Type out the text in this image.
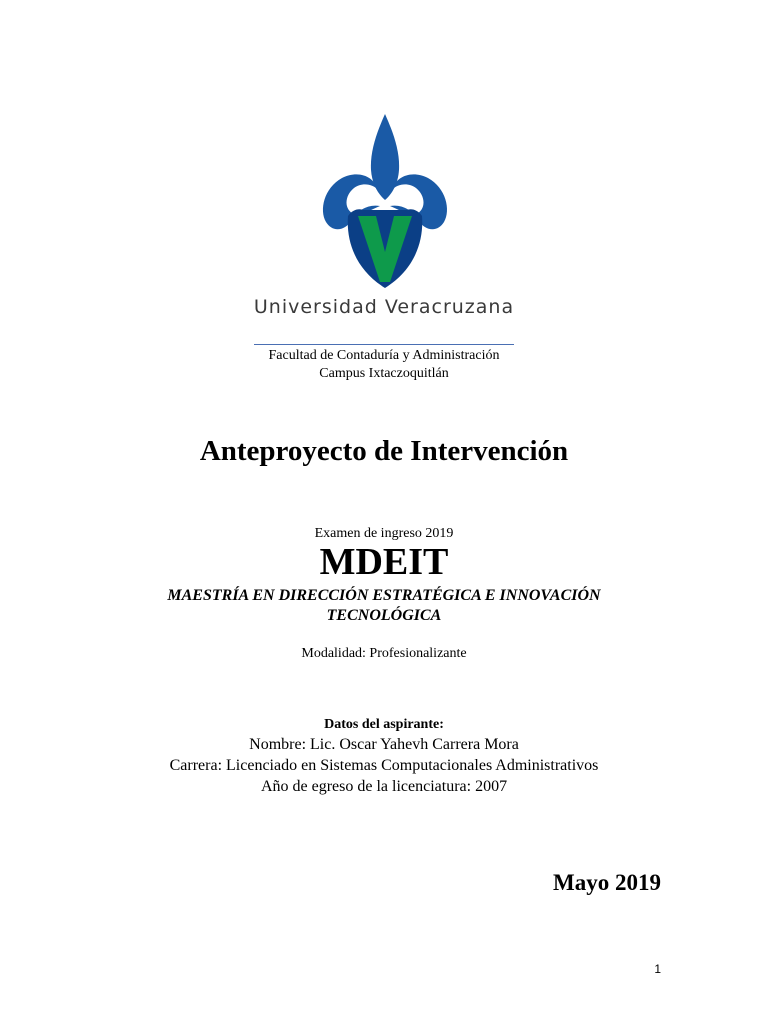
Universidad Veracruzana
Facultad de Contaduría y Administración
Campus Ixtaczoquitlán
Anteproyecto de Intervención
Examen de ingreso 2019
MDEIT
MAESTRÍA EN DIRECCIÓN ESTRATÉGICA E INNOVACIÓN
TECNOLÓGICA
Modalidad: Profesionalizante
Datos del aspirante:
Nombre: Lic. Oscar Yahevh Carrera Mora
Carrera: Licenciado en Sistemas Computacionales Administrativos
Año de egreso de la licenciatura: 2007
Mayo 2019
1
